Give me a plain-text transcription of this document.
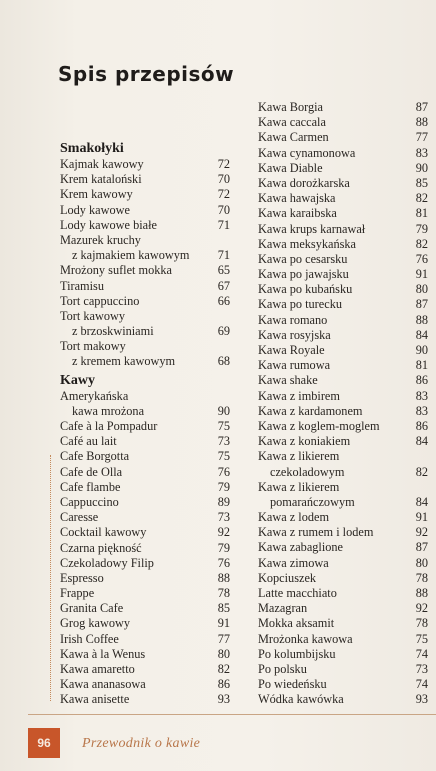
Spis przepisów
Smakołyki
Kajmak kawowy	72
Krem kataloński	70
Krem kawowy	72
Lody kawowe	70
Lody kawowe białe	71
Mazurek kruchy
z kajmakiem kawowym	71
Mrożony suflet mokka	65
Tiramisu	67
Tort cappuccino	66
Tort kawowy
z brzoskwiniami	69
Tort makowy
z kremem kawowym	68
Kawy
Amerykańska
kawa mrożona	90
Cafe à la Pompadur	75
Café au lait	73
Cafe Borgotta	75
Cafe de Olla	76
Cafe flambe	79
Cappuccino	89
Caresse	73
Cocktail kawowy	92
Czarna piękność	79
Czekoladowy Filip	76
Espresso	88
Frappe	78
Granita Cafe	85
Grog kawowy	91
Irish Coffee	77
Kawa à la Wenus	80
Kawa amaretto	82
Kawa ananasowa	86
Kawa anisette	93
Kawa Borgia	87
Kawa caccala	88
Kawa Carmen	77
Kawa cynamonowa	83
Kawa Diable	90
Kawa dorożkarska	85
Kawa hawajska	82
Kawa karaibska	81
Kawa krups karnawał	79
Kawa meksykańska	82
Kawa po cesarsku	76
Kawa po jawajsku	91
Kawa po kubańsku	80
Kawa po turecku	87
Kawa romano	88
Kawa rosyjska	84
Kawa Royale	90
Kawa rumowa	81
Kawa shake	86
Kawa z imbirem	83
Kawa z kardamonem	83
Kawa z koglem-moglem	86
Kawa z koniakiem	84
Kawa z likierem
czekoladowym	82
Kawa z likierem
pomarańczowym	84
Kawa z lodem	91
Kawa z rumem i lodem	92
Kawa zabaglione	87
Kawa zimowa	80
Kopciuszek	78
Latte macchiato	88
Mazagran	92
Mokka aksamit	78
Mrożonka kawowa	75
Po kolumbijsku	74
Po polsku	73
Po wiedeńsku	74
Wódka kawówka	93
96	Przewodnik o kawie
